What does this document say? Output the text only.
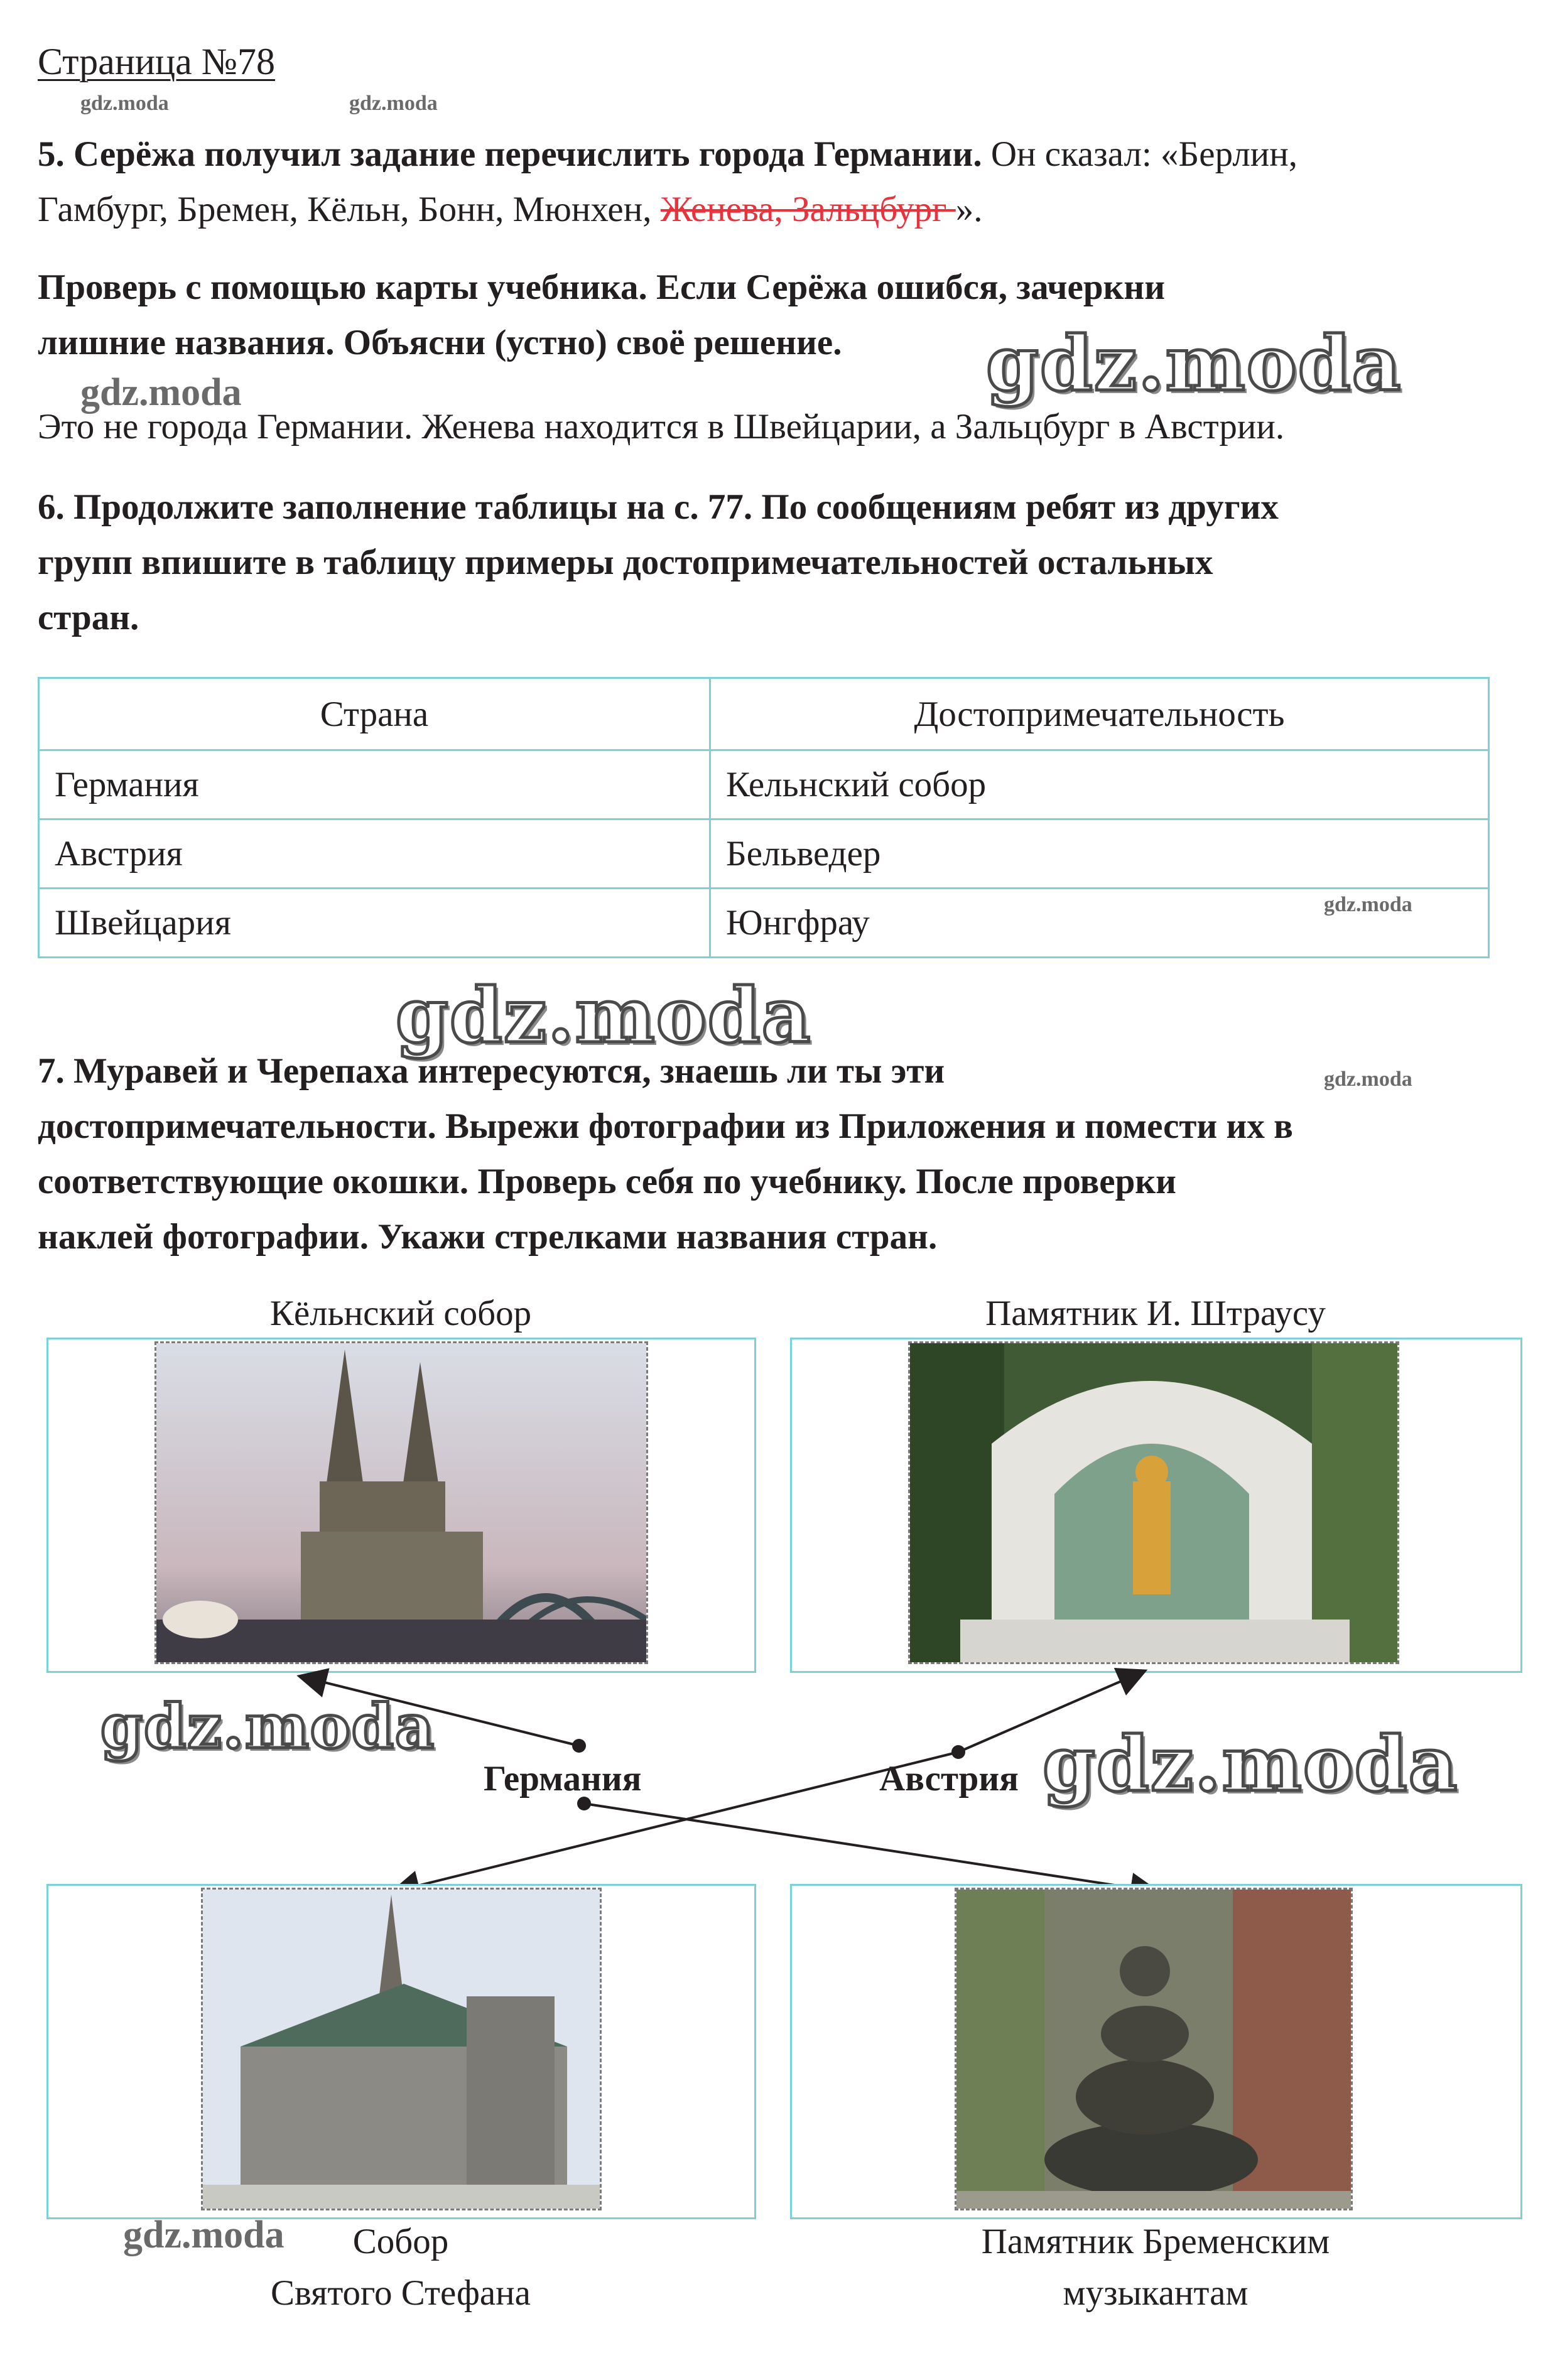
Страница №78
gdz.moda	gdz.moda
5. Серёжа получил задание перечислить города Германии. Он сказал: «Берлин,
Гамбург, Бремен, Кёльн, Бонн, Мюнхен, Женева, Зальцбург ».
Проверь с помощью карты учебника. Если Серёжа ошибся, зачеркни
лишние названия. Объясни (устно) своё решение.
gdz.moda	gdz.moda
Это не города Германии. Женева находится в Швейцарии, а Зальцбург в Австрии.
6. Продолжите заполнение таблицы на с. 77. По сообщениям ребят из других
групп впишите в таблицу примеры достопримечательностей остальных
стран.
Страна	Достопримечательность
Германия	Кельнский собор
Австрия	Бельведер
Швейцария	Юнгфрау	gdz.moda
gdz.moda
7. Муравей и Черепаха интересуются, знаешь ли ты эти
достопримечательности. Вырежи фотографии из Приложения и помести их в
соответствующие окошки. Проверь себя по учебнику. После проверки
наклей фотографии. Укажи стрелками названия стран.
gdz.moda
Кёльнский собор	Памятник И. Штраусу
gdz.moda
Германия	Австрия gdz.moda
gdz.moda	Собор
Святого Стефана
Памятник Бременским
музыкантам
